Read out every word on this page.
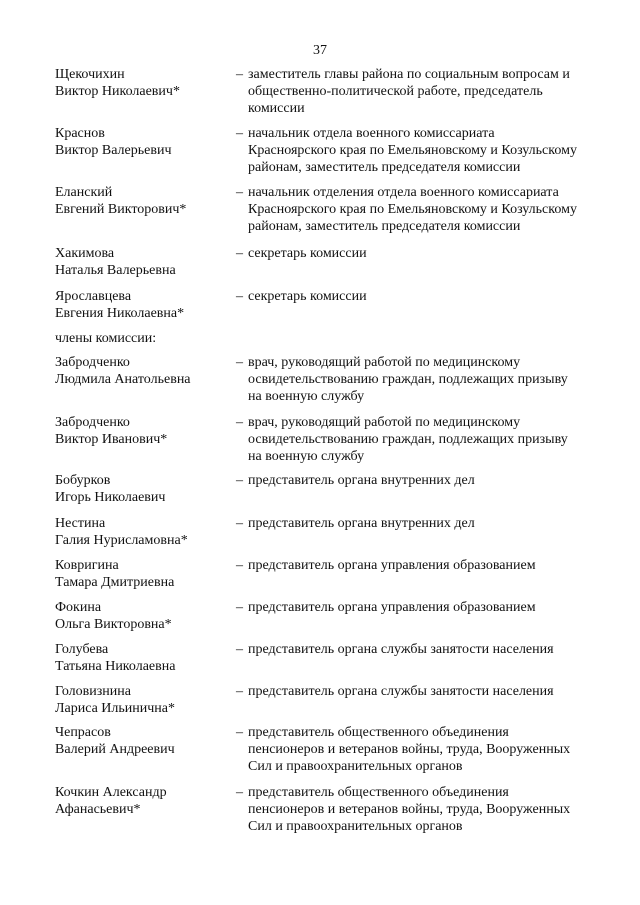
37
члены комиссии:
Щекочихин
Виктор Николаевич*
– заместитель главы района по социальным вопросам и
общественно-политической работе, председатель
комиссии
Краснов
Виктор Валерьевич
– начальник отдела военного комиссариата
Красноярского края по Емельяновскому и Козульскому
районам, заместитель председателя комиссии
Еланский
Евгений Викторович*
– начальник отделения отдела военного комиссариата
Красноярского края по Емельяновскому и Козульскому
районам, заместитель председателя комиссии
Хакимова
Наталья Валерьевна
– секретарь комиссии
Ярославцева
Евгения Николаевна*
– секретарь комиссии
Забродченко
Людмила Анатольевна
– врач, руководящий работой по медицинскому
освидетельствованию граждан, подлежащих призыву
на военную службу
Забродченко
Виктор Иванович*
– врач, руководящий работой по медицинскому
освидетельствованию граждан, подлежащих призыву
на военную службу
Бобурков
Игорь Николаевич
– представитель органа внутренних дел
Нестина
Галия Нурисламовна*
– представитель органа внутренних дел
Ковригина
Тамара Дмитриевна
– представитель органа управления образованием
Фокина
Ольга Викторовна*
– представитель органа управления образованием
Голубева
Татьяна Николаевна
– представитель органа службы занятости населения
Головизнина
Лариса Ильинична*
– представитель органа службы занятости населения
Чепрасов
Валерий Андреевич
– представитель общественного объединения
пенсионеров и ветеранов войны, труда, Вооруженных
Сил и правоохранительных органов
Кочкин Александр
Афанасьевич*
– представитель общественного объединения
пенсионеров и ветеранов войны, труда, Вооруженных
Сил и правоохранительных органов
